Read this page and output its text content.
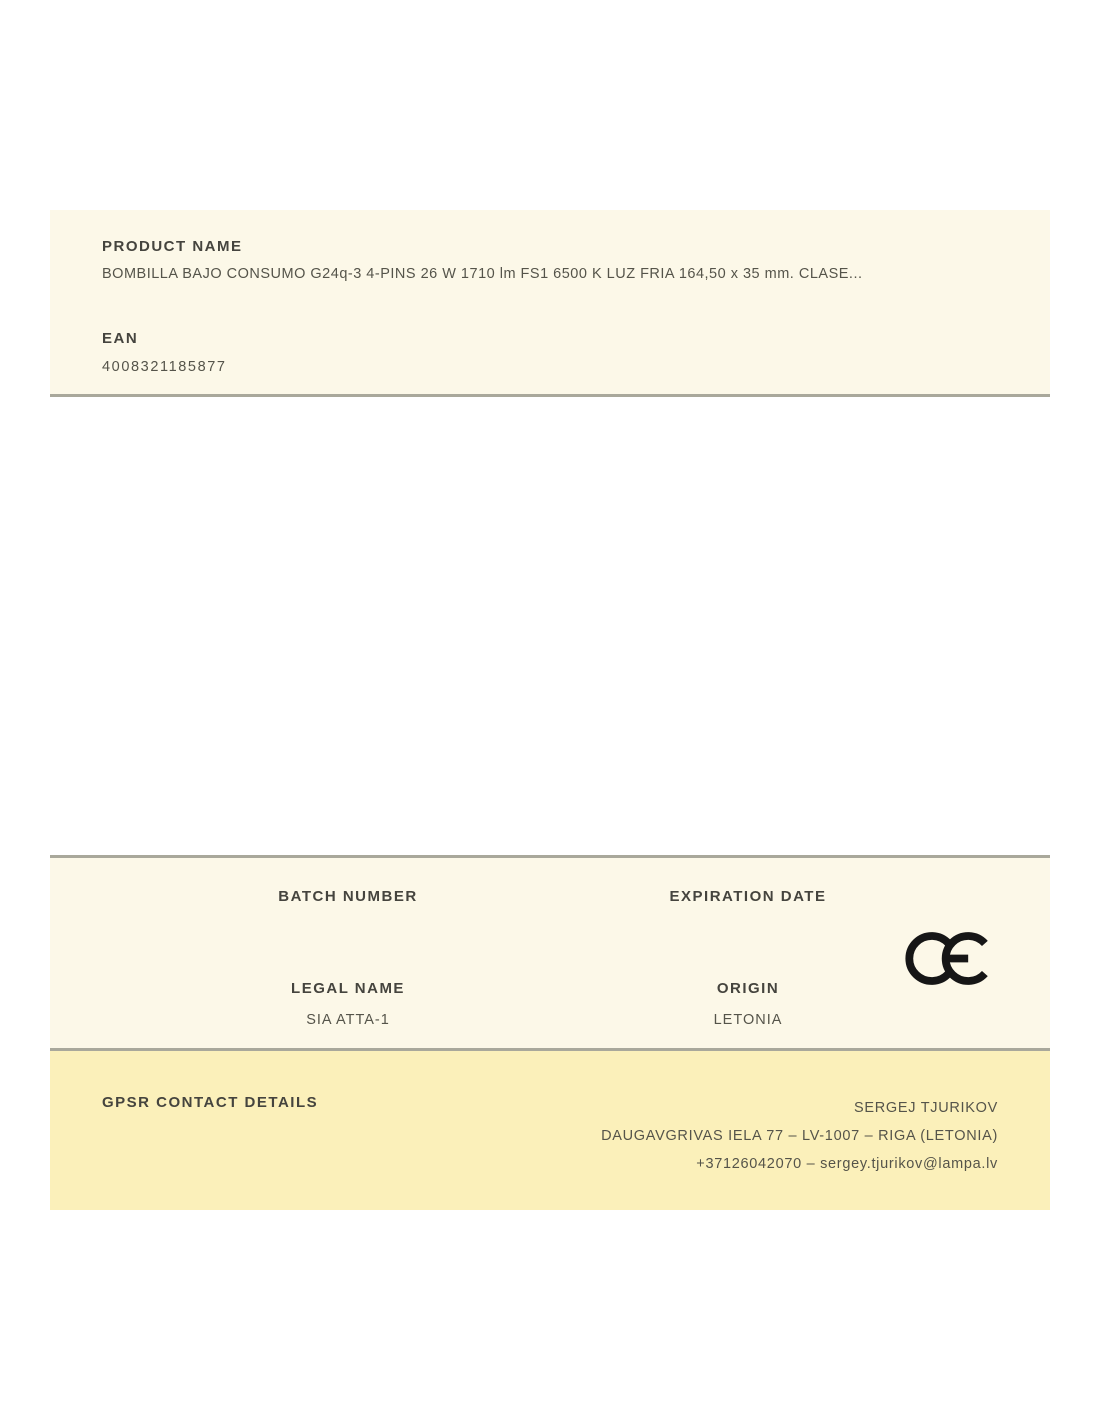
PRODUCT NAME
BOMBILLA BAJO CONSUMO G24q-3 4-PINS 26 W 1710 lm FS1 6500 K LUZ FRIA 164,50 x 35 mm. CLASE...
EAN
4008321185877
BATCH NUMBER	EXPIRATION DATE
LEGAL NAME
SIA ATTA-1
ORIGIN
LETONIA
GPSR CONTACT DETAILS	SERGEJ TJURIKOV
DAUGAVGRIVAS IELA 77 – LV-1007 – RIGA (LETONIA)
+37126042070 – sergey.tjurikov@lampa.lv
